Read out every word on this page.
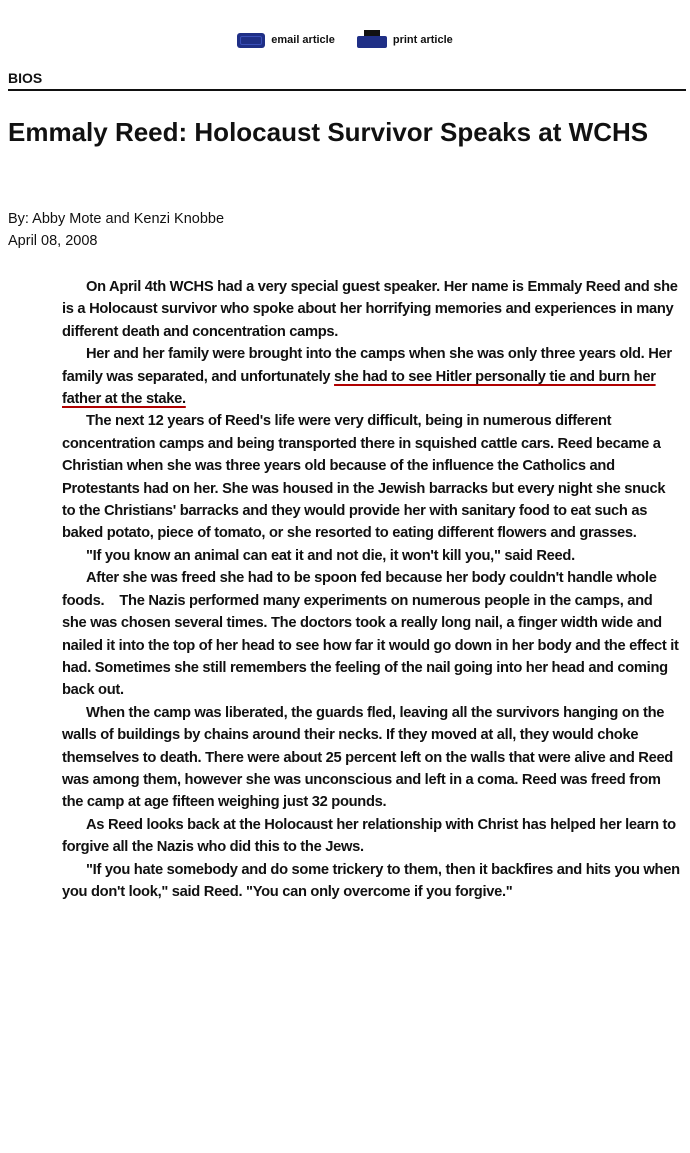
email article	print article
BIOS
Emmaly Reed: Holocaust Survivor Speaks at WCHS
By: Abby Mote and Kenzi Knobbe
April 08, 2008

On April 4th WCHS had a very special guest speaker. Her name is Emmaly Reed and she is a Holocaust survivor who spoke about her horrifying memories and experiences in many different death and concentration camps.

Her and her family were brought into the camps when she was only three years old. Her family was separated, and unfortunately she had to see Hitler personally tie and burn her father at the stake.

The next 12 years of Reed's life were very difficult, being in numerous different concentration camps and being transported there in squished cattle cars. Reed became a Christian when she was three years old because of the influence the Catholics and Protestants had on her. She was housed in the Jewish barracks but every night she snuck to the Christians' barracks and they would provide her with sanitary food to eat such as baked potato, piece of tomato, or she resorted to eating different flowers and grasses.

"If you know an animal can eat it and not die, it won't kill you," said Reed.

After she was freed she had to be spoon fed because her body couldn't handle whole foods.    The Nazis performed many experiments on numerous people in the camps, and she was chosen several times. The doctors took a really long nail, a finger width wide and nailed it into the top of her head to see how far it would go down in her body and the effect it had. Sometimes she still remembers the feeling of the nail going into her head and coming back out.

When the camp was liberated, the guards fled, leaving all the survivors hanging on the walls of buildings by chains around their necks. If they moved at all, they would choke themselves to death. There were about 25 percent left on the walls that were alive and Reed was among them, however she was unconscious and left in a coma. Reed was freed from the camp at age fifteen weighing just 32 pounds.

As Reed looks back at the Holocaust her relationship with Christ has helped her learn to forgive all the Nazis who did this to the Jews.

"If you hate somebody and do some trickery to them, then it backfires and hits you when you don't look," said Reed. "You can only overcome if you forgive."
